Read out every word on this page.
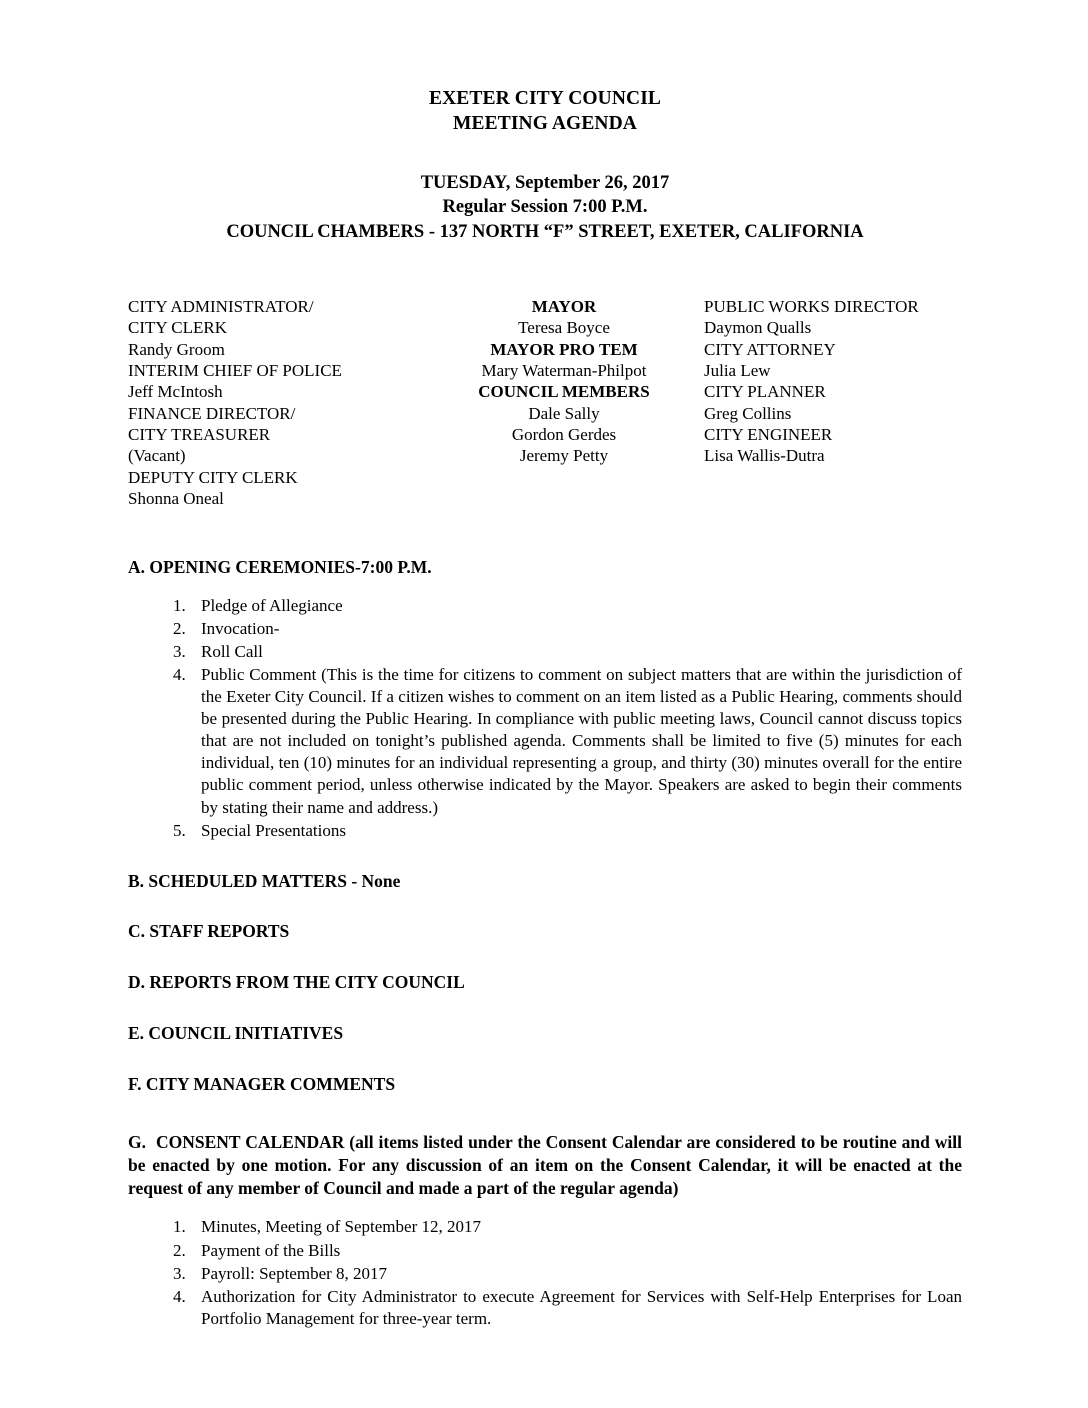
EXETER CITY COUNCIL
MEETING AGENDA
TUESDAY, September 26, 2017
Regular Session 7:00 P.M.
COUNCIL CHAMBERS - 137 NORTH “F” STREET, EXETER, CALIFORNIA
CITY ADMINISTRATOR/
CITY CLERK
Randy Groom
INTERIM CHIEF OF POLICE
Jeff McIntosh
FINANCE DIRECTOR/
CITY TREASURER
(Vacant)
DEPUTY CITY CLERK
Shonna Oneal
MAYOR
Teresa Boyce
MAYOR PRO TEM
Mary Waterman-Philpot
COUNCIL MEMBERS
Dale Sally
Gordon Gerdes
Jeremy Petty
PUBLIC WORKS DIRECTOR
Daymon Qualls
CITY ATTORNEY
Julia Lew
CITY PLANNER
Greg Collins
CITY ENGINEER
Lisa Wallis-Dutra
A. OPENING CEREMONIES-7:00 P.M.
1. Pledge of Allegiance
2. Invocation-
3. Roll Call
4. Public Comment (This is the time for citizens to comment on subject matters that are within the jurisdiction of the Exeter City Council. If a citizen wishes to comment on an item listed as a Public Hearing, comments should be presented during the Public Hearing. In compliance with public meeting laws, Council cannot discuss topics that are not included on tonight’s published agenda. Comments shall be limited to five (5) minutes for each individual, ten (10) minutes for an individual representing a group, and thirty (30) minutes overall for the entire public comment period, unless otherwise indicated by the Mayor. Speakers are asked to begin their comments by stating their name and address.)
5. Special Presentations
B. SCHEDULED MATTERS - None
C. STAFF REPORTS
D. REPORTS FROM THE CITY COUNCIL
E. COUNCIL INITIATIVES
F. CITY MANAGER COMMENTS
G. CONSENT CALENDAR (all items listed under the Consent Calendar are considered to be routine and will be enacted by one motion. For any discussion of an item on the Consent Calendar, it will be enacted at the request of any member of Council and made a part of the regular agenda)
1. Minutes, Meeting of September 12, 2017
2. Payment of the Bills
3. Payroll: September 8, 2017
4. Authorization for City Administrator to execute Agreement for Services with Self-Help Enterprises for Loan Portfolio Management for three-year term.
